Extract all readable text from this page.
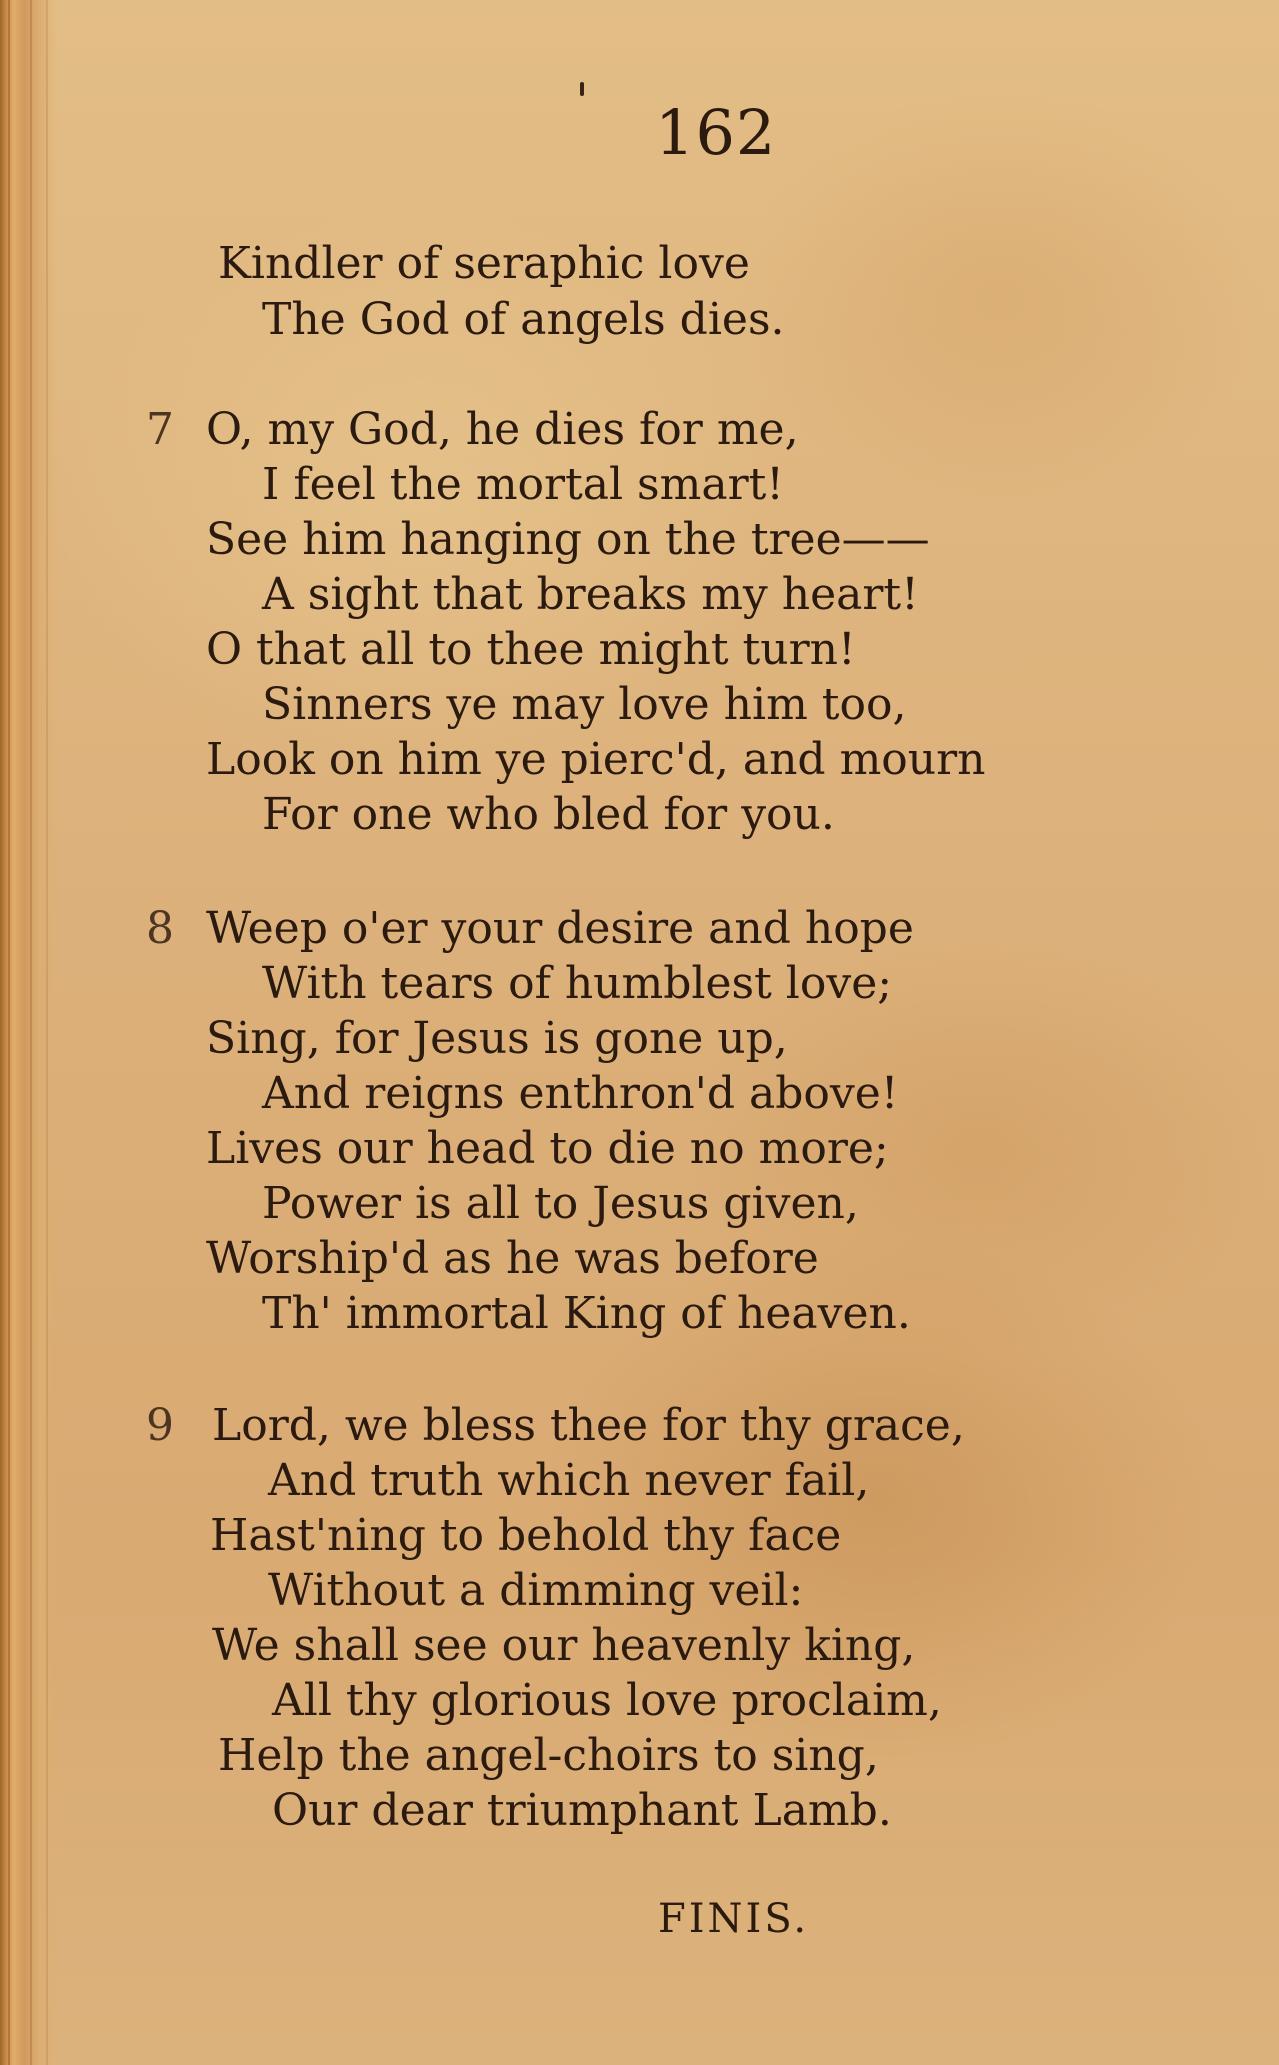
162
Kindler of seraphic love
The God of angels dies.
7 O, my God, he dies for me,
I feel the mortal smart!
See him hanging on the tree——
A sight that breaks my heart!
O that all to thee might turn!
Sinners ye may love him too,
Look on him ye pierc'd, and mourn
For one who bled for you.
8 Weep o'er your desire and hope
With tears of humblest love;
Sing, for Jesus is gone up,
And reigns enthron'd above!
Lives our head to die no more;
Power is all to Jesus given,
Worship'd as he was before
Th' immortal King of heaven.
9 Lord, we bless thee for thy grace,
And truth which never fail,
Hast'ning to behold thy face
Without a dimming veil:
We shall see our heavenly king,
All thy glorious love proclaim,
Help the angel-choirs to sing,
Our dear triumphant Lamb.
FINIS.
